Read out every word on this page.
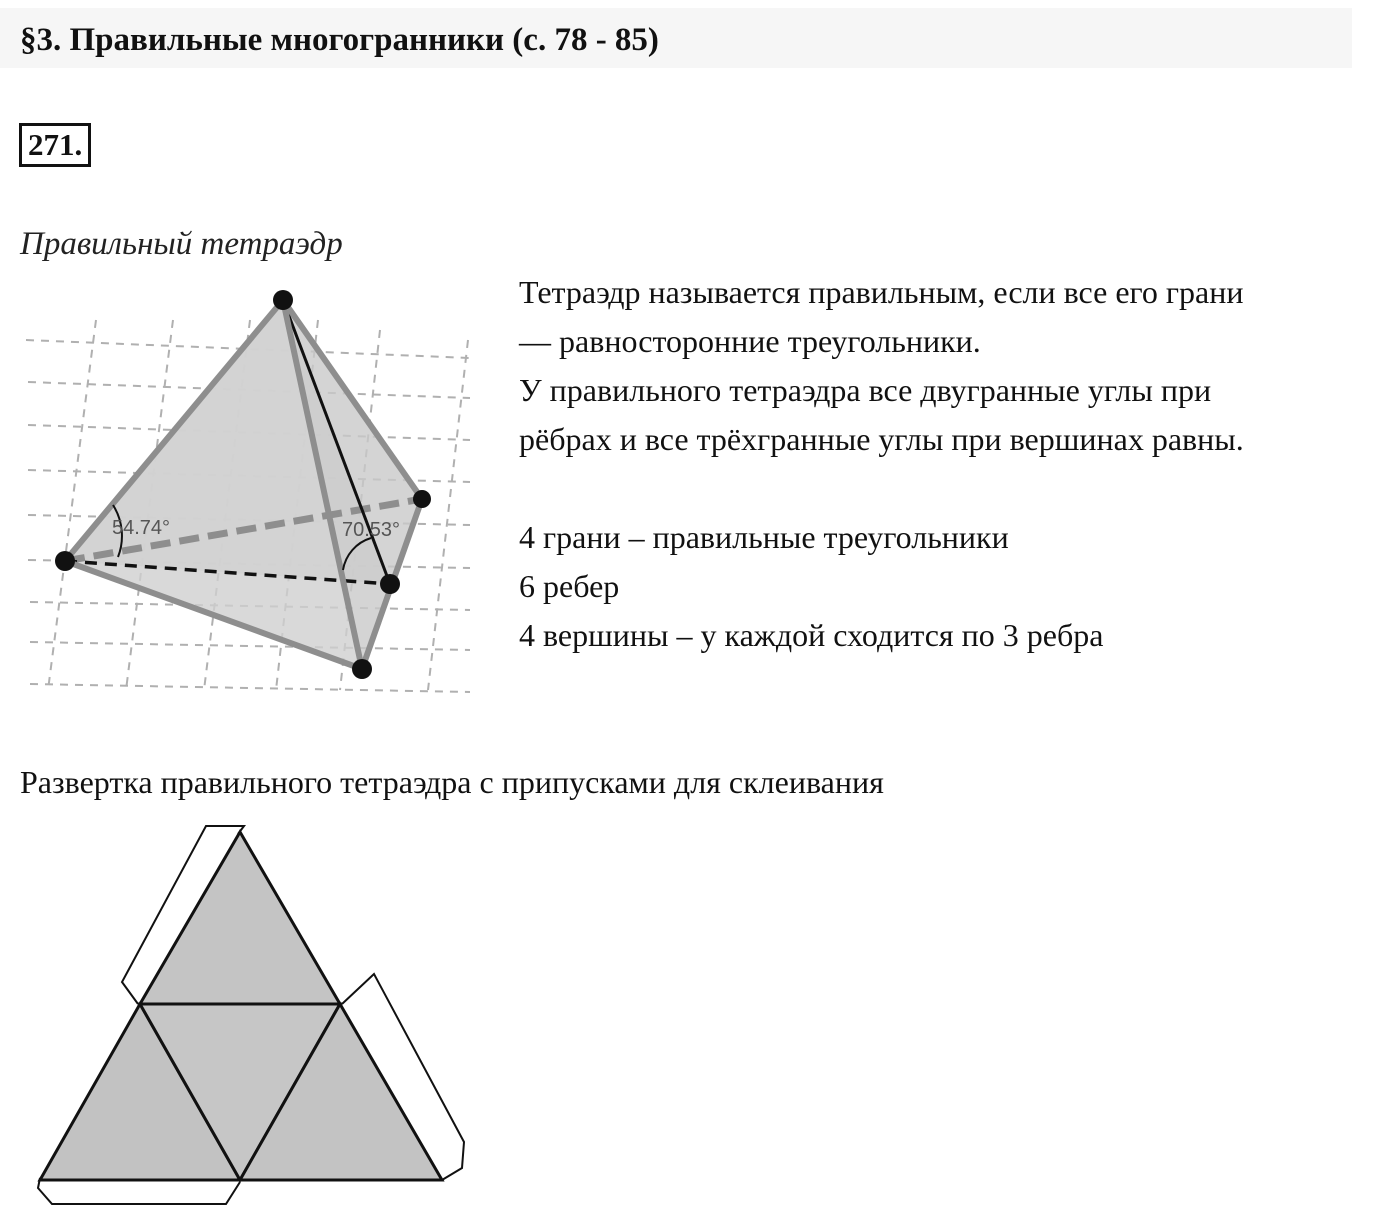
§3. Правильные многогранники (с. 78 - 85)
271.
Правильный тетраэдр
54.74°	70.53°

Тетраэдр называется правильным, если все его грани

— равносторонние треугольники.

У правильного тетраэдра все двугранные углы при

рёбрах и все трёхгранные углы при вершинах равны.

4 грани – правильные треугольники

6 ребер

4 вершины – у каждой сходится по 3 ребра

Развертка правильного тетраэдра с припусками для склеивания
